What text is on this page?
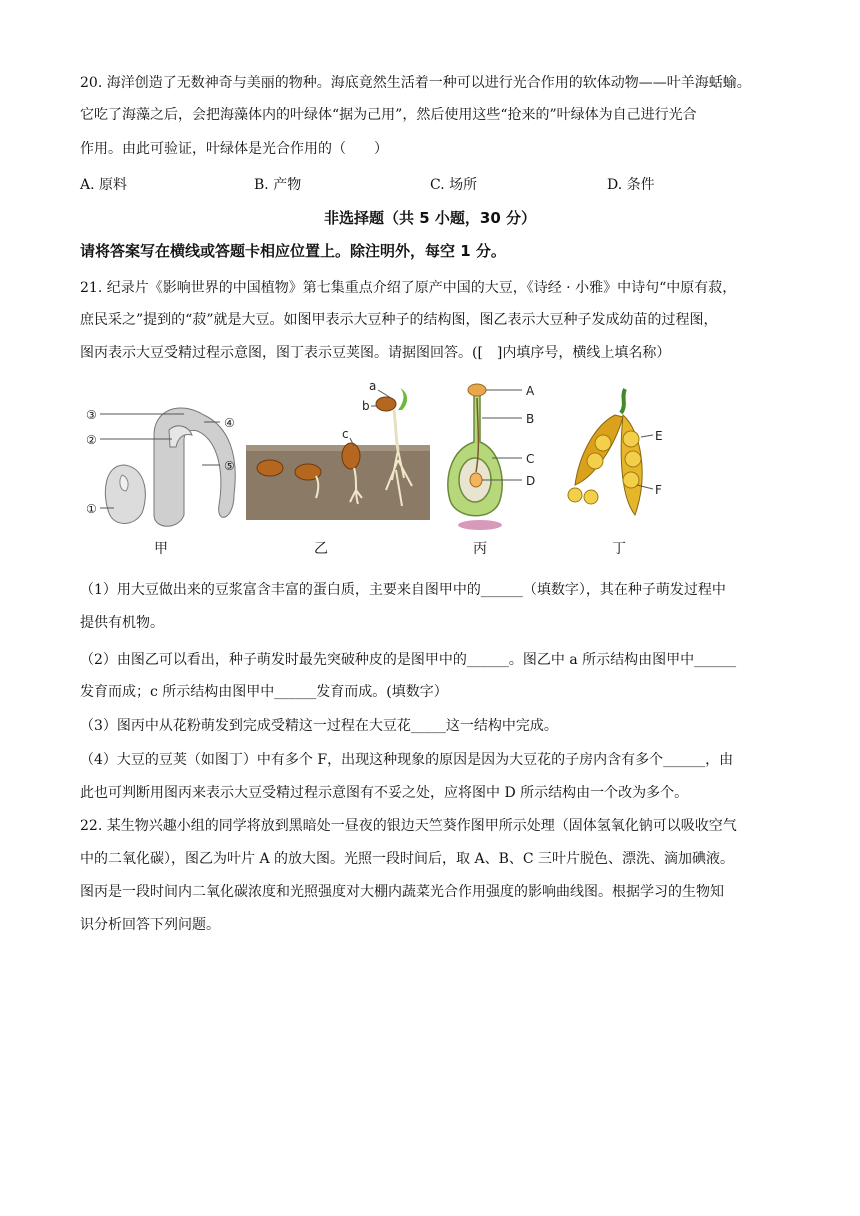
20. 海洋创造了无数神奇与美丽的物种。海底竟然生活着一种可以进行光合作用的软体动物——叶羊海蛞蝓。
它吃了海藻之后，会把海藻体内的叶绿体“据为己用”，然后使用这些“抢来的”叶绿体为自己进行光合
作用。由此可验证，叶绿体是光合作用的（　　）
A. 原料	B. 产物	C. 场所	D. 条件
非选择题（共 5 小题，30 分）
请将答案写在横线或答题卡相应位置上。除注明外，每空 1 分。
21. 纪录片《影响世界的中国植物》第七集重点介绍了原产中国的大豆，《诗经 · 小雅》中诗句“中原有菽，
庶民采之”提到的“菽”就是大豆。如图甲表示大豆种子的结构图，图乙表示大豆种子发成幼苗的过程图，
图丙表示大豆受精过程示意图，图丁表示豆荚图。请据图回答。([　]内填序号，横线上填名称）
③
②
①
④
⑤
a
b
c
A
B
C
D
E
F
甲	乙	丙	丁
（1）用大豆做出来的豆浆富含丰富的蛋白质，主要来自图甲中的______（填数字），其在种子萌发过程中
提供有机物。
（2）由图乙可以看出，种子萌发时最先突破种皮的是图甲中的______。图乙中 a 所示结构由图甲中______
发育而成；c 所示结构由图甲中______发育而成。(填数字）
（3）图丙中从花粉萌发到完成受精这一过程在大豆花_____这一结构中完成。
（4）大豆的豆荚（如图丁）中有多个 F，出现这种现象的原因是因为大豆花的子房内含有多个______，由
此也可判断用图丙来表示大豆受精过程示意图有不妥之处，应将图中 D 所示结构由一个改为多个。
22. 某生物兴趣小组的同学将放到黑暗处一昼夜的银边天竺葵作图甲所示处理（固体氢氧化钠可以吸收空气
中的二氧化碳），图乙为叶片 A 的放大图。光照一段时间后，取 A、B、C 三叶片脱色、漂洗、滴加碘液。
图丙是一段时间内二氧化碳浓度和光照强度对大棚内蔬菜光合作用强度的影响曲线图。根据学习的生物知
识分析回答下列问题。
